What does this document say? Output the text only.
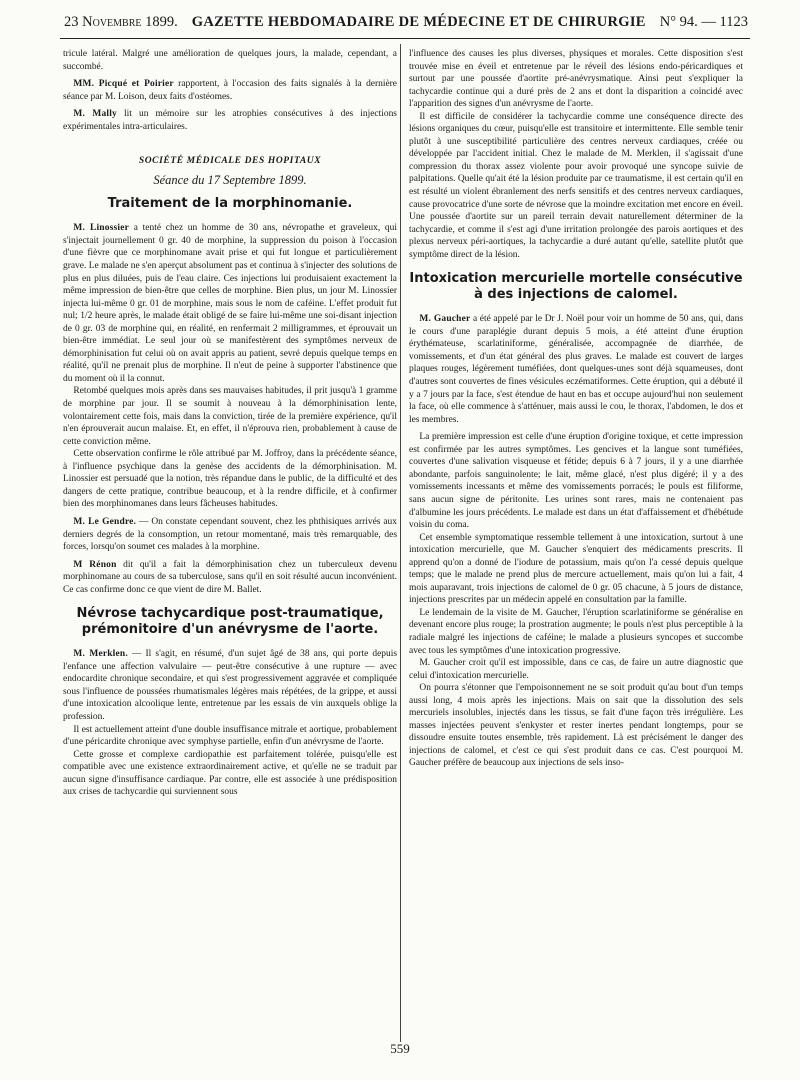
23 Novembre 1899. GAZETTE HEBDOMADAIRE DE MÉDECINE ET DE CHIRURGIE N° 94. — 1123

tricule latéral. Malgré une amélioration de quelques jours, la malade, cependant, a succombé.

MM. Picqué et Poirier rapportent, à l'occasion des faits signalés à la dernière séance par M. Loison, deux faits d'ostéomes.

M. Mally lit un mémoire sur les atrophies consécutives à des injections expérimentales intra-articulaires.

SOCIÉTÉ MÉDICALE DES HOPITAUX
Séance du 17 Septembre 1899.
Traitement de la morphinomanie.

M. Linossier a tenté chez un homme de 30 ans, névropathe et graveleux, qui s'injectait journellement 0 gr. 40 de morphine, la suppression du poison à l'occasion d'une fièvre que ce morphinomane avait prise et qui fut longue et particulièrement grave. Le malade ne s'en aperçut absolument pas et continua à s'injecter des solutions de plus en plus diluées, puis de l'eau claire. Ces injections lui produisaient exactement la même impression de bien-être que celles de morphine. Bien plus, un jour M. Linossier injecta lui-même 0 gr. 01 de morphine, mais sous le nom de caféine. L'effet produit fut nul; 1/2 heure après, le malade était obligé de se faire lui-même une soi-disant injection de 0 gr. 03 de morphine qui, en réalité, en renfermait 2 milligrammes, et éprouvait un bien-être immédiat. Le seul jour où se manifestèrent des symptômes nerveux de démorphinisation fut celui où on avait appris au patient, sevré depuis quelque temps en réalité, qu'il ne prenait plus de morphine. Il n'eut de peine à supporter l'abstinence que du moment où il la connut.

Retombé quelques mois après dans ses mauvaises habitudes, il prit jusqu'à 1 gramme de morphine par jour. Il se soumit à nouveau à la démorphinisation lente, volontairement cette fois, mais dans la conviction, tirée de la première expérience, qu'il n'en éprouverait aucun malaise. Et, en effet, il n'éprouva rien, probablement à cause de cette conviction même.

Cette observation confirme le rôle attribué par M. Joffroy, dans la précédente séance, à l'influence psychique dans la genèse des accidents de la démorphinisation. M. Linossier est persuadé que la notion, très répandue dans le public, de la difficulté et des dangers de cette pratique, contribue beaucoup, et à la rendre difficile, et à confirmer bien des morphinomanes dans leurs fâcheuses habitudes.

M. Le Gendre. — On constate cependant souvent, chez les phthisiques arrivés aux derniers degrés de la consomption, un retour momentané, mais très remarquable, des forces, lorsqu'on soumet ces malades à la morphine.

M Rénon dit qu'il a fait la démorphinisation chez un tuberculeux devenu morphinomane au cours de sa tuberculose, sans qu'il en soit résulté aucun inconvénient. Ce cas confirme donc ce que vient de dire M. Ballet.

Névrose tachycardique post-traumatique, prémonitoire d'un anévrysme de l'aorte.

M. Merklen. — Il s'agit, en résumé, d'un sujet âgé de 38 ans, qui porte depuis l'enfance une affection valvulaire — peut-être consécutive à une rupture — avec endocardite chronique secondaire, et qui s'est progressivement aggravée et compliquée sous l'influence de poussées rhumatismales légères mais répétées, de la grippe, et aussi d'une intoxication alcoolique lente, entretenue par les essais de vin auxquels oblige la profession.

Il est actuellement atteint d'une double insuffisance mitrale et aortique, probablement d'une péricardite chronique avec symphyse partielle, enfin d'un anévrysme de l'aorte.

Cette grosse et complexe cardiopathie est parfaitement tolérée, puisqu'elle est compatible avec une existence extraordinairement active, et qu'elle ne se traduit par aucun signe d'insuffisance cardiaque. Par contre, elle est associée à une prédisposition aux crises de tachycardie qui surviennent sous

l'influence des causes les plus diverses, physiques et morales. Cette disposition s'est trouvée mise en éveil et entretenue par le réveil des lésions endo-péricardiques et surtout par une poussée d'aortite pré-anévrysmatique. Ainsi peut s'expliquer la tachycardie continue qui a duré près de 2 ans et dont la disparition a coïncidé avec l'apparition des signes d'un anévrysme de l'aorte.

Il est difficile de considérer la tachycardie comme une conséquence directe des lésions organiques du cœur, puisqu'elle est transitoire et intermittente. Elle semble tenir plutôt à une susceptibilité particulière des centres nerveux cardiaques, créée ou développée par l'accident initial. Chez le malade de M. Merklen, il s'agissait d'une compression du thorax assez violente pour avoir provoqué une syncope suivie de palpitations. Quelle qu'ait été la lésion produite par ce traumatisme, il est certain qu'il en est résulté un violent ébranlement des nerfs sensitifs et des centres nerveux cardiaques, cause provocatrice d'une sorte de névrose que la moindre excitation met encore en éveil. Une poussée d'aortite sur un pareil terrain devait naturellement déterminer de la tachycardie, et comme il s'est agi d'une irritation prolongée des parois aortiques et des plexus nerveux péri-aortiques, la tachycardie a duré autant qu'elle, satellite plutôt que symptôme direct de la lésion.

Intoxication mercurielle mortelle consécutive à des injections de calomel.

M. Gaucher a été appelé par le Dr J. Noël pour voir un homme de 50 ans, qui, dans le cours d'une paraplégie durant depuis 5 mois, a été atteint d'une éruption érythémateuse, scarlatiniforme, généralisée, accompagnée de diarrhée, de vomissements, et d'un état général des plus graves. Le malade est couvert de larges plaques rouges, légèrement tuméfiées, dont quelques-unes sont déjà squameuses, dont d'autres sont couvertes de fines vésicules eczématiformes. Cette éruption, qui a débuté il y a 7 jours par la face, s'est étendue de haut en bas et occupe aujourd'hui non seulement la face, où elle commence à s'atténuer, mais aussi le cou, le thorax, l'abdomen, le dos et les membres.

La première impression est celle d'une éruption d'origine toxique, et cette impression est confirmée par les autres symptômes. Les gencives et la langue sont tuméfiées, couvertes d'une salivation visqueuse et fétide; depuis 6 à 7 jours, il y a une diarrhée abondante, parfois sanguinolente; le lait, même glacé, n'est plus digéré; il y a des vomissements incessants et même des vomissements porracés; le pouls est filiforme, sans aucun signe de péritonite. Les urines sont rares, mais ne contenaient pas d'albumine les jours précédents. Le malade est dans un état d'affaissement et d'hébétude voisin du coma.

Cet ensemble symptomatique ressemble tellement à une intoxication, surtout à une intoxication mercurielle, que M. Gaucher s'enquiert des médicaments prescrits. Il apprend qu'on a donné de l'iodure de potassium, mais qu'on l'a cessé depuis quelque temps; que le malade ne prend plus de mercure actuellement, mais qu'on lui a fait, 4 mois auparavant, trois injections de calomel de 0 gr. 05 chacune, à 5 jours de distance, injections prescrites par un médecin appelé en consultation par la famille.

Le lendemain de la visite de M. Gaucher, l'éruption scarlatiniforme se généralise en devenant encore plus rouge; la prostration augmente; le pouls n'est plus perceptible à la radiale malgré les injections de caféine; le malade a plusieurs syncopes et succombe avec tous les symptômes d'une intoxication progressive.

M. Gaucher croit qu'il est impossible, dans ce cas, de faire un autre diagnostic que celui d'intoxication mercurielle.

On pourra s'étonner que l'empoisonnement ne se soit produit qu'au bout d'un temps aussi long, 4 mois après les injections. Mais on sait que la dissolution des sels mercuriels insolubles, injectés dans les tissus, se fait d'une façon très irrégulière. Les masses injectées peuvent s'enkyster et rester inertes pendant longtemps, pour se dissoudre ensuite toutes ensemble, très rapidement. Là est précisément le danger des injections de calomel, et c'est ce qui s'est produit dans ce cas. C'est pourquoi M. Gaucher préfère de beaucoup aux injections de sels inso-

559
